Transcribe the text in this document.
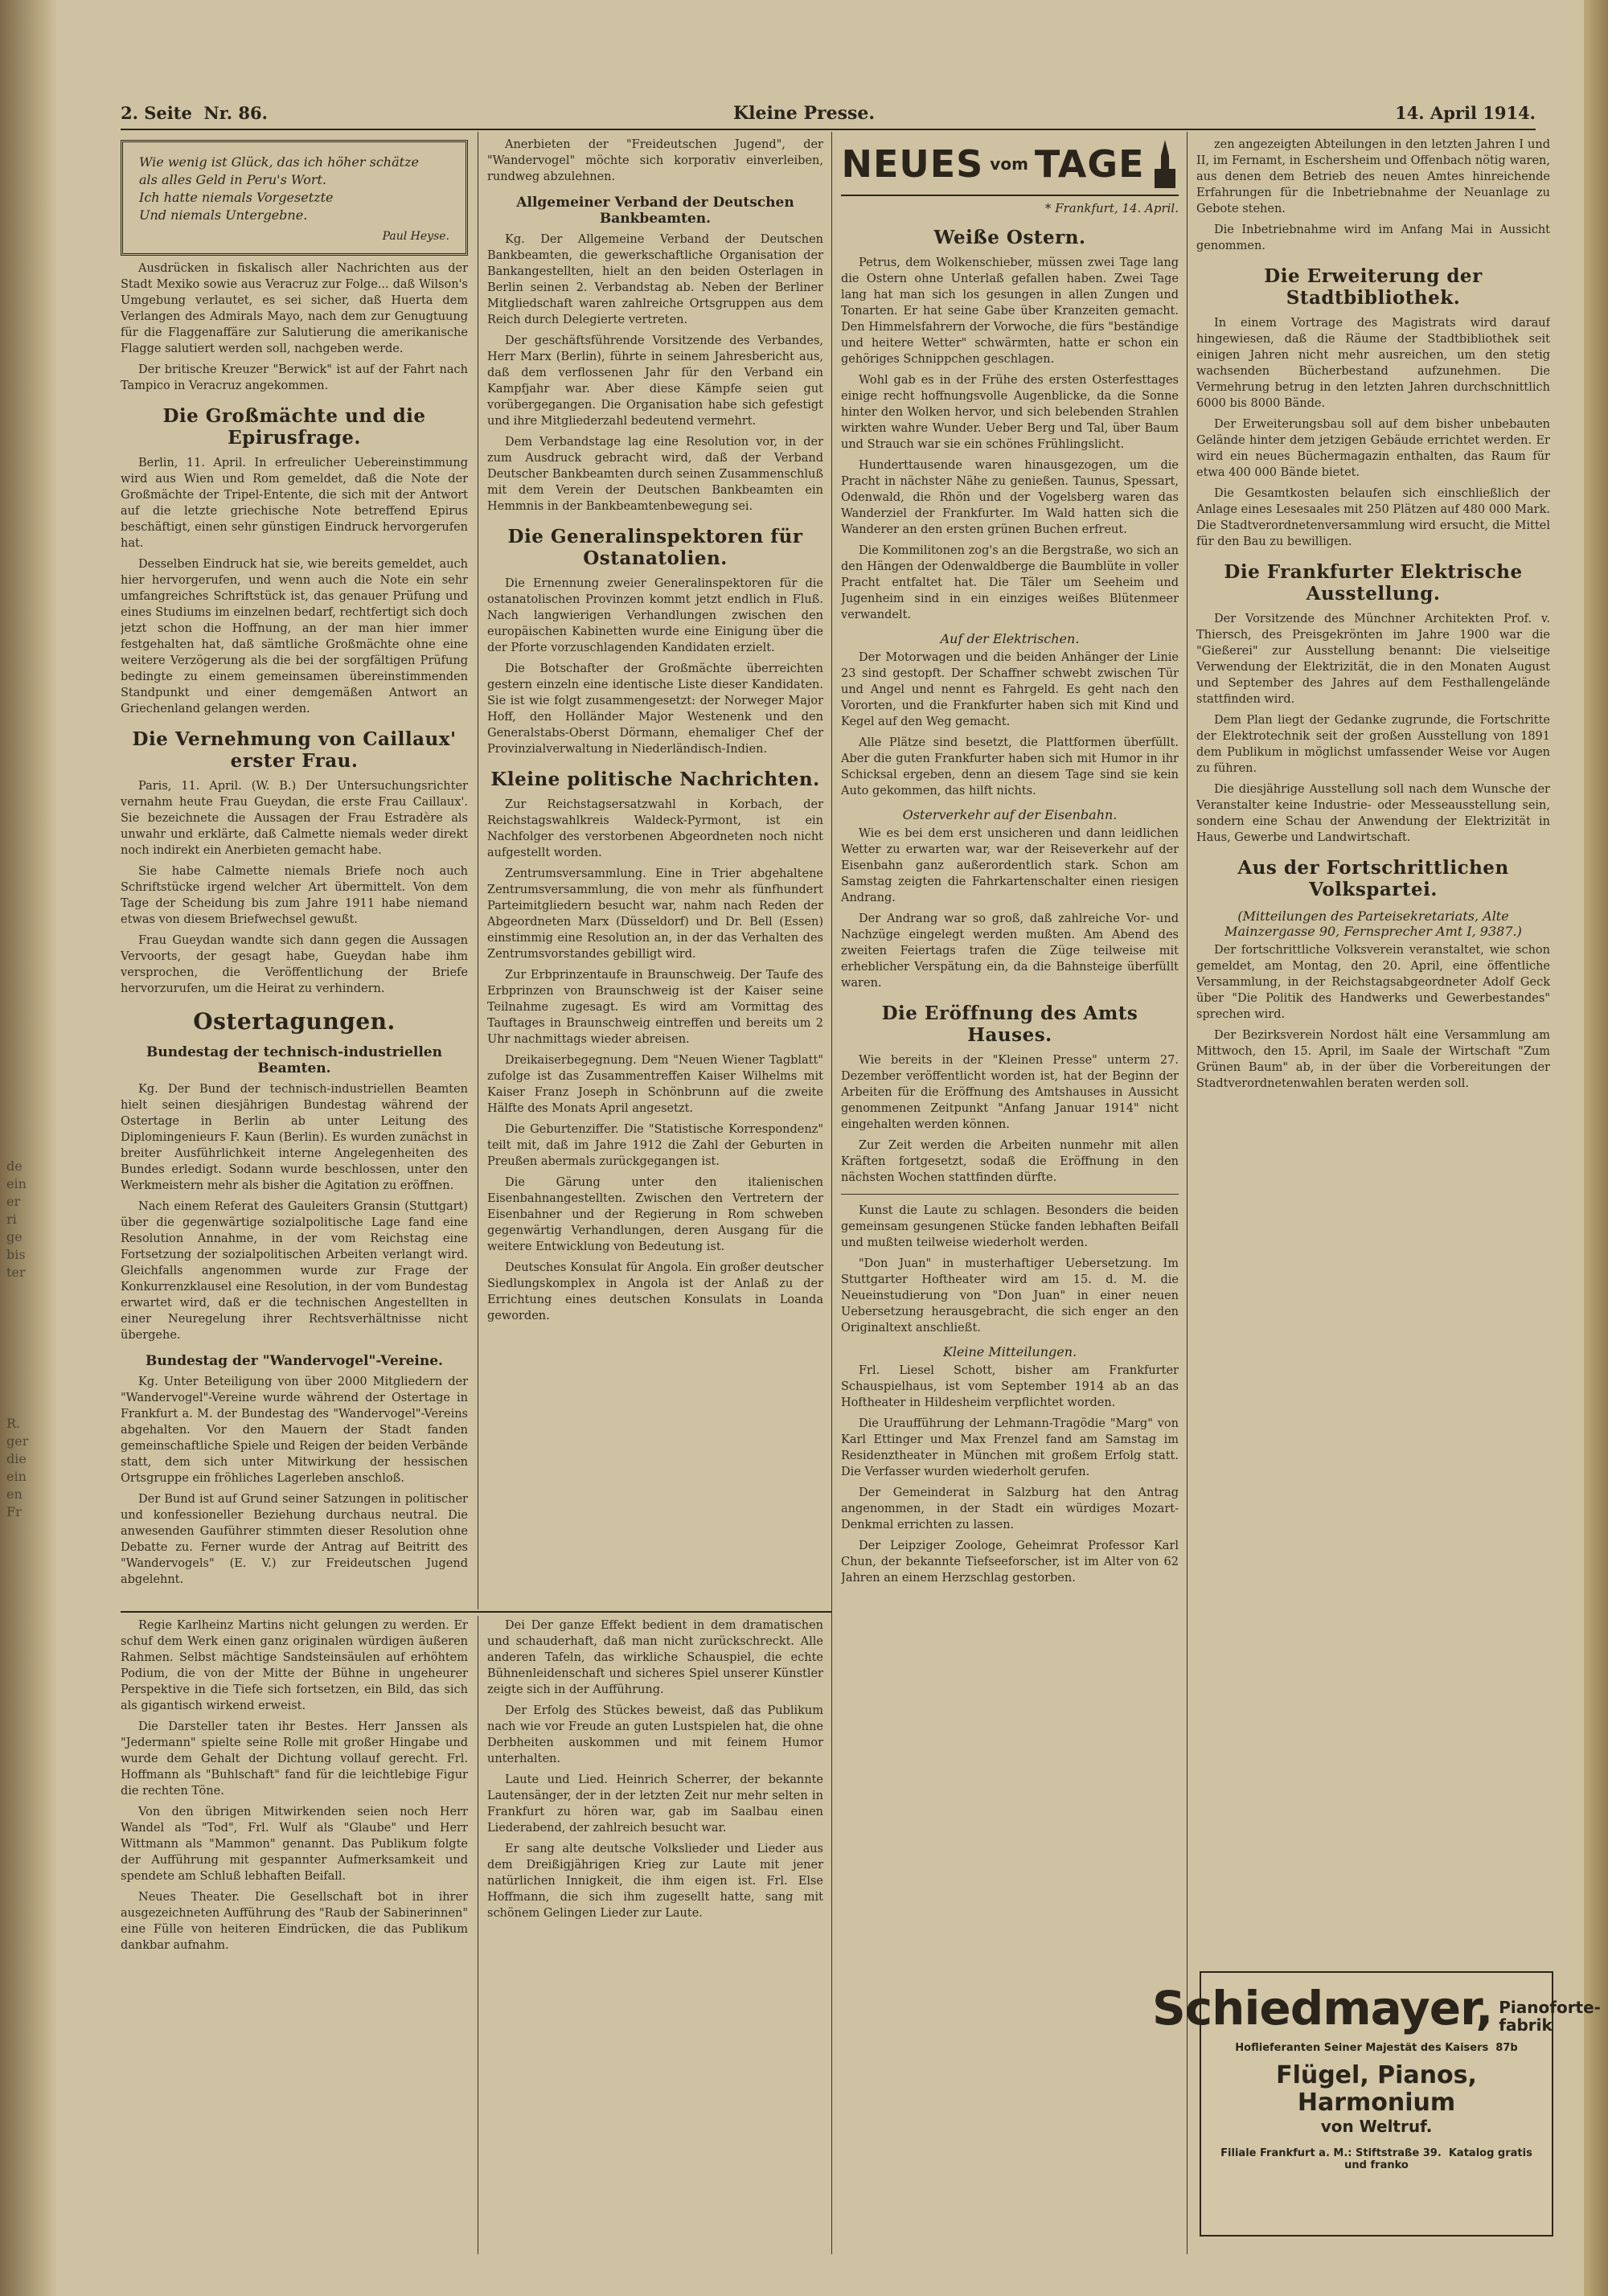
de
ein
er
ri
ge
bis
ter
R.
ger
die
ein
en
Fr
2. Seite Nr. 86.	Kleine Presse.	14. April 1914.
Wie wenig ist Glück, das ich höher schätze
als alles Geld in Peru's Wort.
Ich hatte niemals Vorgesetzte
Und niemals Untergebne.
Paul Heyse.

Ausdrücken in fiskalisch aller Nachrichten aus der Stadt Mexiko sowie aus Veracruz zur Folge... daß Wilson's Umgebung verlautet, es sei sicher, daß Huerta dem Verlangen des Admirals Mayo, nach dem zur Genugtuung für die Flaggenaffäre zur Salutierung die amerikanische Flagge salutiert werden soll, nachgeben werde.

Der britische Kreuzer "Berwick" ist auf der Fahrt nach Tampico in Veracruz angekommen.

Die Großmächte und die Epirusfrage.

Berlin, 11. April. In erfreulicher Uebereinstimmung wird aus Wien und Rom gemeldet, daß die Note der Großmächte der Tripel-Entente, die sich mit der Antwort auf die letzte griechische Note betreffend Epirus beschäftigt, einen sehr günstigen Eindruck hervorgerufen hat.

Desselben Eindruck hat sie, wie bereits gemeldet, auch hier hervorgerufen, und wenn auch die Note ein sehr umfangreiches Schriftstück ist, das genauer Prüfung und eines Studiums im einzelnen bedarf, rechtfertigt sich doch jetzt schon die Hoffnung, an der man hier immer festgehalten hat, daß sämtliche Großmächte ohne eine weitere Verzögerung als die bei der sorgfältigen Prüfung bedingte zu einem gemeinsamen übereinstimmenden Standpunkt und einer demgemäßen Antwort an Griechenland gelangen werden.

Die Vernehmung von Caillaux' erster Frau.

Paris, 11. April. (W. B.) Der Untersuchungsrichter vernahm heute Frau Gueydan, die erste Frau Caillaux'. Sie bezeichnete die Aussagen der Frau Estradère als unwahr und erklärte, daß Calmette niemals weder direkt noch indirekt ein Anerbieten gemacht habe.

Sie habe Calmette niemals Briefe noch auch Schriftstücke irgend welcher Art übermittelt. Von dem Tage der Scheidung bis zum Jahre 1911 habe niemand etwas von diesem Briefwechsel gewußt.

Frau Gueydan wandte sich dann gegen die Aussagen Vervoorts, der gesagt habe, Gueydan habe ihm versprochen, die Veröffentlichung der Briefe hervorzurufen, um die Heirat zu verhindern.

Ostertagungen.
Bundestag der technisch-industriellen Beamten.

Kg. Der Bund der technisch-industriellen Beamten hielt seinen diesjährigen Bundestag während der Ostertage in Berlin ab unter Leitung des Diplomingenieurs F. Kaun (Berlin). Es wurden zunächst in breiter Ausführlichkeit interne Angelegenheiten des Bundes erledigt. Sodann wurde beschlossen, unter den Werkmeistern mehr als bisher die Agitation zu eröffnen.

Nach einem Referat des Gauleiters Gransin (Stuttgart) über die gegenwärtige sozialpolitische Lage fand eine Resolution Annahme, in der vom Reichstag eine Fortsetzung der sozialpolitischen Arbeiten verlangt wird. Gleichfalls angenommen wurde zur Frage der Konkurrenzklausel eine Resolution, in der vom Bundestag erwartet wird, daß er die technischen Angestellten in einer Neuregelung ihrer Rechtsverhältnisse nicht übergehe.

Bundestag der "Wandervogel"-Vereine.

Kg. Unter Beteiligung von über 2000 Mitgliedern der "Wandervogel"-Vereine wurde während der Ostertage in Frankfurt a. M. der Bundestag des "Wandervogel"-Vereins abgehalten. Vor den Mauern der Stadt fanden gemeinschaftliche Spiele und Reigen der beiden Verbände statt, dem sich unter Mitwirkung der hessischen Ortsgruppe ein fröhliches Lagerleben anschloß.

Der Bund ist auf Grund seiner Satzungen in politischer und konfessioneller Beziehung durchaus neutral. Die anwesenden Gauführer stimmten dieser Resolution ohne Debatte zu. Ferner wurde der Antrag auf Beitritt des "Wandervogels" (E. V.) zur Freideutschen Jugend abgelehnt.

Anerbieten der "Freideutschen Jugend", der "Wandervogel" möchte sich korporativ einverleiben, rundweg abzulehnen.

Allgemeiner Verband der Deutschen Bankbeamten.

Kg. Der Allgemeine Verband der Deutschen Bankbeamten, die gewerkschaftliche Organisation der Bankangestellten, hielt an den beiden Osterlagen in Berlin seinen 2. Verbandstag ab. Neben der Berliner Mitgliedschaft waren zahlreiche Ortsgruppen aus dem Reich durch Delegierte vertreten.

Der geschäftsführende Vorsitzende des Verbandes, Herr Marx (Berlin), führte in seinem Jahresbericht aus, daß dem verflossenen Jahr für den Verband ein Kampfjahr war. Aber diese Kämpfe seien gut vorübergegangen. Die Organisation habe sich gefestigt und ihre Mitgliederzahl bedeutend vermehrt.

Dem Verbandstage lag eine Resolution vor, in der zum Ausdruck gebracht wird, daß der Verband Deutscher Bankbeamten durch seinen Zusammenschluß mit dem Verein der Deutschen Bankbeamten ein Hemmnis in der Bankbeamtenbewegung sei.

Die Generalinspektoren für Ostanatolien.

Die Ernennung zweier Generalinspektoren für die ostanatolischen Provinzen kommt jetzt endlich in Fluß. Nach langwierigen Verhandlungen zwischen den europäischen Kabinetten wurde eine Einigung über die der Pforte vorzuschlagenden Kandidaten erzielt.

Die Botschafter der Großmächte überreichten gestern einzeln eine identische Liste dieser Kandidaten. Sie ist wie folgt zusammengesetzt: der Norweger Major Hoff, den Holländer Major Westenenk und den Generalstabs-Oberst Dörmann, ehemaliger Chef der Provinzialverwaltung in Niederländisch-Indien.

Kleine politische Nachrichten.

Zur Reichstagsersatzwahl in Korbach, der Reichstagswahlkreis Waldeck-Pyrmont, ist ein Nachfolger des verstorbenen Abgeordneten noch nicht aufgestellt worden.

Zentrumsversammlung. Eine in Trier abgehaltene Zentrumsversammlung, die von mehr als fünfhundert Parteimitgliedern besucht war, nahm nach Reden der Abgeordneten Marx (Düsseldorf) und Dr. Bell (Essen) einstimmig eine Resolution an, in der das Verhalten des Zentrumsvorstandes gebilligt wird.

Zur Erbprinzentaufe in Braunschweig. Der Taufe des Erbprinzen von Braunschweig ist der Kaiser seine Teilnahme zugesagt. Es wird am Vormittag des Tauftages in Braunschweig eintreffen und bereits um 2 Uhr nachmittags wieder abreisen.

Dreikaiserbegegnung. Dem "Neuen Wiener Tagblatt" zufolge ist das Zusammentreffen Kaiser Wilhelms mit Kaiser Franz Joseph in Schönbrunn auf die zweite Hälfte des Monats April angesetzt.

Die Geburtenziffer. Die "Statistische Korrespondenz" teilt mit, daß im Jahre 1912 die Zahl der Geburten in Preußen abermals zurückgegangen ist.

Die Gärung unter den italienischen Eisenbahnangestellten. Zwischen den Vertretern der Eisenbahner und der Regierung in Rom schweben gegenwärtig Verhandlungen, deren Ausgang für die weitere Entwicklung von Bedeutung ist.

Deutsches Konsulat für Angola. Ein großer deutscher Siedlungskomplex in Angola ist der Anlaß zu der Errichtung eines deutschen Konsulats in Loanda geworden.

NEUES vom TAGE
* Frankfurt, 14. April.
Weiße Ostern.

Petrus, dem Wolkenschieber, müssen zwei Tage lang die Ostern ohne Unterlaß gefallen haben. Zwei Tage lang hat man sich los gesungen in allen Zungen und Tonarten. Er hat seine Gabe über Kranzeiten gemacht. Den Himmelsfahrern der Vorwoche, die fürs "beständige und heitere Wetter" schwärmten, hatte er schon ein gehöriges Schnippchen geschlagen.

Wohl gab es in der Frühe des ersten Osterfesttages einige recht hoffnungsvolle Augenblicke, da die Sonne hinter den Wolken hervor, und sich belebenden Strahlen wirkten wahre Wunder. Ueber Berg und Tal, über Baum und Strauch war sie ein schönes Frühlingslicht.

Hunderttausende waren hinausgezogen, um die Pracht in nächster Nähe zu genießen. Taunus, Spessart, Odenwald, die Rhön und der Vogelsberg waren das Wanderziel der Frankfurter. Im Wald hatten sich die Wanderer an den ersten grünen Buchen erfreut.

Die Kommilitonen zog's an die Bergstraße, wo sich an den Hängen der Odenwaldberge die Baumblüte in voller Pracht entfaltet hat. Die Täler um Seeheim und Jugenheim sind in ein einziges weißes Blütenmeer verwandelt.

Auf der Elektrischen.

Der Motorwagen und die beiden Anhänger der Linie 23 sind gestopft. Der Schaffner schwebt zwischen Tür und Angel und nennt es Fahrgeld. Es geht nach den Vororten, und die Frankfurter haben sich mit Kind und Kegel auf den Weg gemacht.

Alle Plätze sind besetzt, die Plattformen überfüllt. Aber die guten Frankfurter haben sich mit Humor in ihr Schicksal ergeben, denn an diesem Tage sind sie kein Auto gekommen, das hilft nichts.

Osterverkehr auf der Eisenbahn.

Wie es bei dem erst unsicheren und dann leidlichen Wetter zu erwarten war, war der Reiseverkehr auf der Eisenbahn ganz außerordentlich stark. Schon am Samstag zeigten die Fahrkartenschalter einen riesigen Andrang.

Der Andrang war so groß, daß zahlreiche Vor- und Nachzüge eingelegt werden mußten. Am Abend des zweiten Feiertags trafen die Züge teilweise mit erheblicher Verspätung ein, da die Bahnsteige überfüllt waren.

Die Eröffnung des Amts Hauses.

Wie bereits in der "Kleinen Presse" unterm 27. Dezember veröffentlicht worden ist, hat der Beginn der Arbeiten für die Eröffnung des Amtshauses in Aussicht genommenen Zeitpunkt "Anfang Januar 1914" nicht eingehalten werden können.

Zur Zeit werden die Arbeiten nunmehr mit allen Kräften fortgesetzt, sodaß die Eröffnung in den nächsten Wochen stattfinden dürfte.

Kunst die Laute zu schlagen. Besonders die beiden gemeinsam gesungenen Stücke fanden lebhaften Beifall und mußten teilweise wiederholt werden.

"Don Juan" in musterhaftiger Uebersetzung. Im Stuttgarter Hoftheater wird am 15. d. M. die Neueinstudierung von "Don Juan" in einer neuen Uebersetzung herausgebracht, die sich enger an den Originaltext anschließt.

Kleine Mitteilungen.

Frl. Liesel Schott, bisher am Frankfurter Schauspielhaus, ist vom September 1914 ab an das Hoftheater in Hildesheim verpflichtet worden.

Die Uraufführung der Lehmann-Tragödie "Marg" von Karl Ettinger und Max Frenzel fand am Samstag im Residenztheater in München mit großem Erfolg statt. Die Verfasser wurden wiederholt gerufen.

Der Gemeinderat in Salzburg hat den Antrag angenommen, in der Stadt ein würdiges Mozart-Denkmal errichten zu lassen.

Der Leipziger Zoologe, Geheimrat Professor Karl Chun, der bekannte Tiefseeforscher, ist im Alter von 62 Jahren an einem Herzschlag gestorben.

zen angezeigten Abteilungen in den letzten Jahren I und II, im Fernamt, in Eschersheim und Offenbach nötig waren, aus denen dem Betrieb des neuen Amtes hinreichende Erfahrungen für die Inbetriebnahme der Neuanlage zu Gebote stehen.

Die Inbetriebnahme wird im Anfang Mai in Aussicht genommen.

Die Erweiterung der Stadtbibliothek.

In einem Vortrage des Magistrats wird darauf hingewiesen, daß die Räume der Stadtbibliothek seit einigen Jahren nicht mehr ausreichen, um den stetig wachsenden Bücherbestand aufzunehmen. Die Vermehrung betrug in den letzten Jahren durchschnittlich 6000 bis 8000 Bände.

Der Erweiterungsbau soll auf dem bisher unbebauten Gelände hinter dem jetzigen Gebäude errichtet werden. Er wird ein neues Büchermagazin enthalten, das Raum für etwa 400 000 Bände bietet.

Die Gesamtkosten belaufen sich einschließlich der Anlage eines Lesesaales mit 250 Plätzen auf 480 000 Mark. Die Stadtverordnetenversammlung wird ersucht, die Mittel für den Bau zu bewilligen.

Die Frankfurter Elektrische Ausstellung.

Der Vorsitzende des Münchner Architekten Prof. v. Thiersch, des Preisgekrönten im Jahre 1900 war die "Gießerei" zur Ausstellung benannt: Die vielseitige Verwendung der Elektrizität, die in den Monaten August und September des Jahres auf dem Festhallengelände stattfinden wird.

Dem Plan liegt der Gedanke zugrunde, die Fortschritte der Elektrotechnik seit der großen Ausstellung von 1891 dem Publikum in möglichst umfassender Weise vor Augen zu führen.

Die diesjährige Ausstellung soll nach dem Wunsche der Veranstalter keine Industrie- oder Messeausstellung sein, sondern eine Schau der Anwendung der Elektrizität in Haus, Gewerbe und Landwirtschaft.

Aus der Fortschrittlichen Volkspartei.
(Mitteilungen des Parteisekretariats, Alte Mainzergasse 90, Fernsprecher Amt I, 9387.)

Der fortschrittliche Volksverein veranstaltet, wie schon gemeldet, am Montag, den 20. April, eine öffentliche Versammlung, in der Reichstagsabgeordneter Adolf Geck über "Die Politik des Handwerks und Gewerbestandes" sprechen wird.

Der Bezirksverein Nordost hält eine Versammlung am Mittwoch, den 15. April, im Saale der Wirtschaft "Zum Grünen Baum" ab, in der über die Vorbereitungen der Stadtverordnetenwahlen beraten werden soll.

Regie Karlheinz Martins nicht gelungen zu werden. Er schuf dem Werk einen ganz originalen würdigen äußeren Rahmen. Selbst mächtige Sandsteinsäulen auf erhöhtem Podium, die von der Mitte der Bühne in ungeheurer Perspektive in die Tiefe sich fortsetzen, ein Bild, das sich als gigantisch wirkend erweist.

Die Darsteller taten ihr Bestes. Herr Janssen als "Jedermann" spielte seine Rolle mit großer Hingabe und wurde dem Gehalt der Dichtung vollauf gerecht. Frl. Hoffmann als "Buhlschaft" fand für die leichtlebige Figur die rechten Töne.

Von den übrigen Mitwirkenden seien noch Herr Wandel als "Tod", Frl. Wulf als "Glaube" und Herr Wittmann als "Mammon" genannt. Das Publikum folgte der Aufführung mit gespannter Aufmerksamkeit und spendete am Schluß lebhaften Beifall.

Neues Theater. Die Gesellschaft bot in ihrer ausgezeichneten Aufführung des "Raub der Sabinerinnen" eine Fülle von heiteren Eindrücken, die das Publikum dankbar aufnahm.

Dei Der ganze Effekt bedient in dem dramatischen und schauderhaft, daß man nicht zurückschreckt. Alle anderen Tafeln, das wirkliche Schauspiel, die echte Bühnenleidenschaft und sicheres Spiel unserer Künstler zeigte sich in der Aufführung.

Der Erfolg des Stückes beweist, daß das Publikum nach wie vor Freude an guten Lustspielen hat, die ohne Derbheiten auskommen und mit feinem Humor unterhalten.

Laute und Lied. Heinrich Scherrer, der bekannte Lautensänger, der in der letzten Zeit nur mehr selten in Frankfurt zu hören war, gab im Saalbau einen Liederabend, der zahlreich besucht war.

Er sang alte deutsche Volkslieder und Lieder aus dem Dreißigjährigen Krieg zur Laute mit jener natürlichen Innigkeit, die ihm eigen ist. Frl. Else Hoffmann, die sich ihm zugesellt hatte, sang mit schönem Gelingen Lieder zur Laute.

Schiedmayer, Pianoforte-
fabrik
Hoflieferanten Seiner Majestät des Kaisers 87b
Flügel, Pianos, Harmonium
von Weltruf.
Filiale Frankfurt a. M.: Stiftstraße 39. Katalog gratis und franko
